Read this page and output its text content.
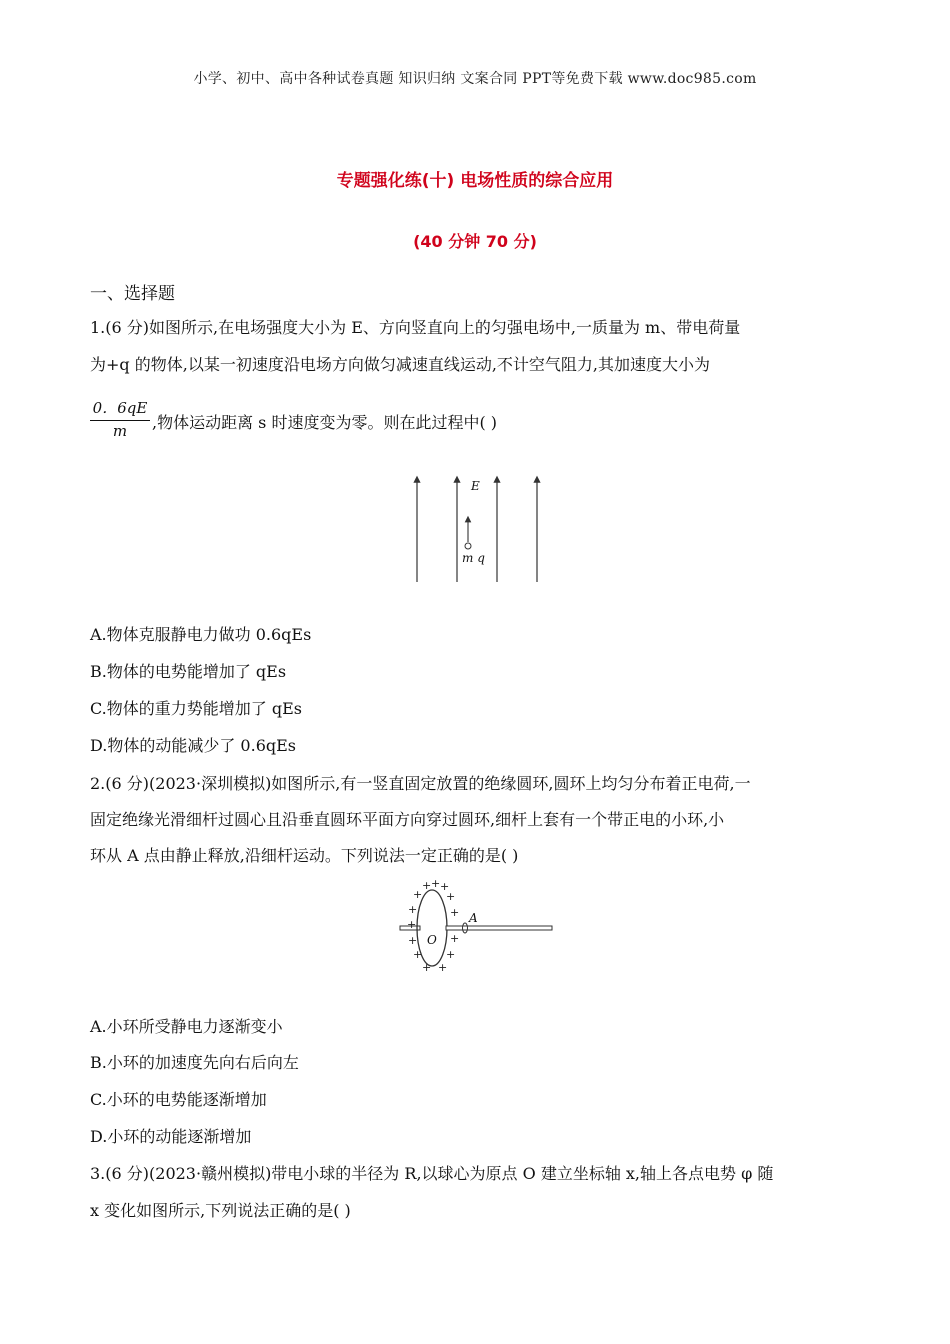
小学、初中、高中各种试卷真题 知识归纳 文案合同 PPT等免费下载 www.doc985.com
专题强化练(十) 电场性质的综合应用
(40 分钟 70 分)
一、选择题
1.(6 分)如图所示,在电场强度大小为 E、方向竖直向上的匀强电场中,一质量为 m、带电荷量
为+q 的物体,以某一初速度沿电场方向做匀减速直线运动,不计空气阻力,其加速度大小为
$\frac{0.6qE}{m}$ ,物体运动距离 s 时速度变为零。则在此过程中( )
E
m q
A.物体克服静电力做功 0.6qEs
B.物体的电势能增加了 qEs
C.物体的重力势能增加了 qEs
D.物体的动能减少了 0.6qEs
2.(6 分)(2023·深圳模拟)如图所示,有一竖直固定放置的绝缘圆环,圆环上均匀分布着正电荷,一
固定绝缘光滑细杆过圆心且沿垂直圆环平面方向穿过圆环,细杆上套有一个带正电的小环,小
环从 A 点由静止释放,沿细杆运动。下列说法一定正确的是( )
O
A
+ + +
+ +
+	+
+
+	+
+ +
+ +
A.小环所受静电力逐渐变小
B.小环的加速度先向右后向左
C.小环的电势能逐渐增加
D.小环的动能逐渐增加
3.(6 分)(2023·赣州模拟)带电小球的半径为 R,以球心为原点 O 建立坐标轴 x,轴上各点电势 φ 随
x 变化如图所示,下列说法正确的是( )
